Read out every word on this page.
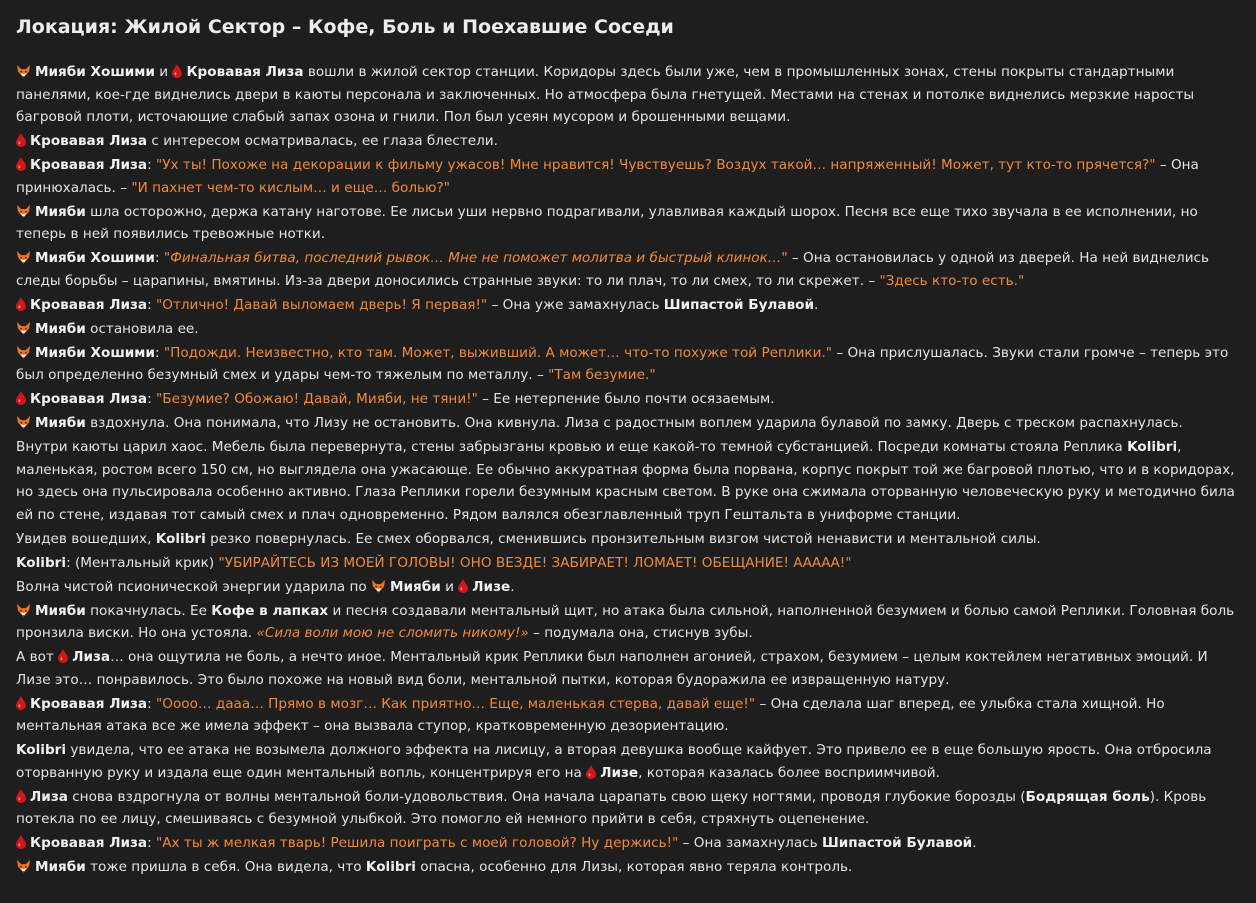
Локация: Жилой Сектор – Кофе, Боль и Поехавшие Соседи

Мияби Хошими и Кровавая Лиза вошли в жилой сектор станции. Коридоры здесь были уже, чем в промышленных зонах, стены покрыты стандартными панелями, кое-где виднелись двери в каюты персонала и заключенных. Но атмосфера была гнетущей. Местами на стенах и потолке виднелись мерзкие наросты багровой плоти, источающие слабый запах озона и гнили. Пол был усеян мусором и брошенными вещами.

Кровавая Лиза с интересом осматривалась, ее глаза блестели.

Кровавая Лиза: "Ух ты! Похоже на декорации к фильму ужасов! Мне нравится! Чувствуешь? Воздух такой… напряженный! Может, тут кто-то прячется?" – Она принюхалась. – "И пахнет чем-то кислым… и еще… болью?"

Мияби шла осторожно, держа катану наготове. Ее лисьи уши нервно подрагивали, улавливая каждый шорох. Песня все еще тихо звучала в ее исполнении, но теперь в ней появились тревожные нотки.

Мияби Хошими: "Финальная битва, последний рывок… Мне не поможет молитва и быстрый клинок…" – Она остановилась у одной из дверей. На ней виднелись следы борьбы – царапины, вмятины. Из-за двери доносились странные звуки: то ли плач, то ли смех, то ли скрежет. – "Здесь кто-то есть."

Кровавая Лиза: "Отлично! Давай выломаем дверь! Я первая!" – Она уже замахнулась Шипастой Булавой.

Мияби остановила ее.

Мияби Хошими: "Подожди. Неизвестно, кто там. Может, выживший. А может… что-то похуже той Реплики." – Она прислушалась. Звуки стали громче – теперь это был определенно безумный смех и удары чем-то тяжелым по металлу. – "Там безумие."

Кровавая Лиза: "Безумие? Обожаю! Давай, Мияби, не тяни!" – Ее нетерпение было почти осязаемым.

Мияби вздохнула. Она понимала, что Лизу не остановить. Она кивнула. Лиза с радостным воплем ударила булавой по замку. Дверь с треском распахнулась.

Внутри каюты царил хаос. Мебель была перевернута, стены забрызганы кровью и еще какой-то темной субстанцией. Посреди комнаты стояла Реплика Kolibri, маленькая, ростом всего 150 см, но выглядела она ужасающе. Ее обычно аккуратная форма была порвана, корпус покрыт той же багровой плотью, что и в коридорах, но здесь она пульсировала особенно активно. Глаза Реплики горели безумным красным светом. В руке она сжимала оторванную человеческую руку и методично била ей по стене, издавая тот самый смех и плач одновременно. Рядом валялся обезглавленный труп Гештальта в униформе станции.

Увидев вошедших, Kolibri резко повернулась. Ее смех оборвался, сменившись пронзительным визгом чистой ненависти и ментальной силы.

Kolibri: (Ментальный крик) "УБИРАЙТЕСЬ ИЗ МОЕЙ ГОЛОВЫ! ОНО ВЕЗДЕ! ЗАБИРАЕТ! ЛОМАЕТ! ОБЕЩАНИЕ! ААААА!"

Волна чистой псионической энергии ударила по Мияби и Лизе.

Мияби покачнулась. Ее Кофе в лапках и песня создавали ментальный щит, но атака была сильной, наполненной безумием и болью самой Реплики. Головная боль пронзила виски. Но она устояла. «Сила воли мою не сломить никому!» – подумала она, стиснув зубы.

А вот Лиза… она ощутила не боль, а нечто иное. Ментальный крик Реплики был наполнен агонией, страхом, безумием – целым коктейлем негативных эмоций. И Лизе это… понравилось. Это было похоже на новый вид боли, ментальной пытки, которая будоражила ее извращенную натуру.

Кровавая Лиза: "Оооо… дааа… Прямо в мозг… Как приятно… Еще, маленькая стерва, давай еще!" – Она сделала шаг вперед, ее улыбка стала хищной. Но ментальная атака все же имела эффект – она вызвала ступор, кратковременную дезориентацию.

Kolibri увидела, что ее атака не возымела должного эффекта на лисицу, а вторая девушка вообще кайфует. Это привело ее в еще большую ярость. Она отбросила оторванную руку и издала еще один ментальный вопль, концентрируя его на Лизе, которая казалась более восприимчивой.

Лиза снова вздрогнула от волны ментальной боли-удовольствия. Она начала царапать свою щеку ногтями, проводя глубокие борозды (Бодрящая боль). Кровь потекла по ее лицу, смешиваясь с безумной улыбкой. Это помогло ей немного прийти в себя, стряхнуть оцепенение.

Кровавая Лиза: "Ах ты ж мелкая тварь! Решила поиграть с моей головой? Ну держись!" – Она замахнулась Шипастой Булавой.

Мияби тоже пришла в себя. Она видела, что Kolibri опасна, особенно для Лизы, которая явно теряла контроль.
